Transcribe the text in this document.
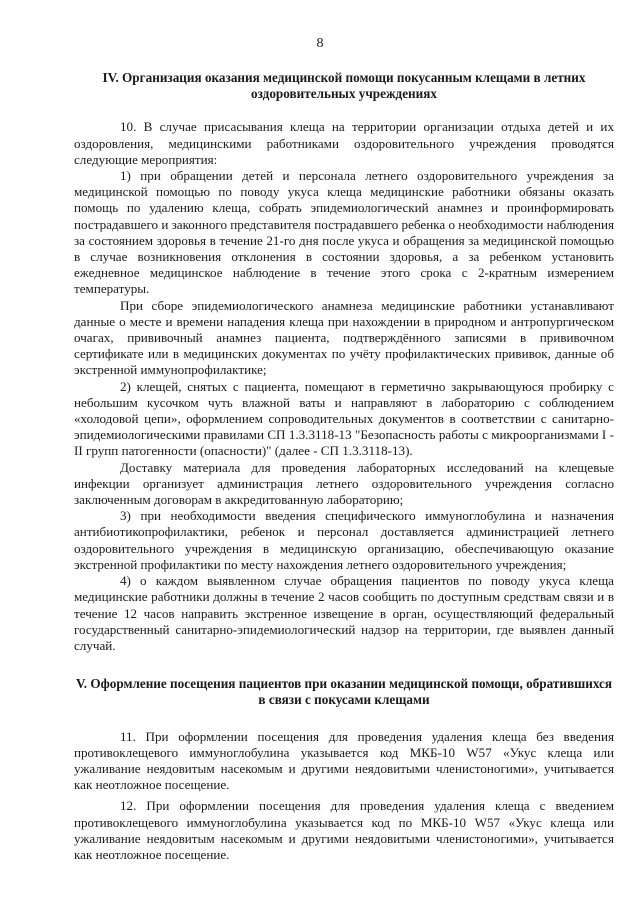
8
IV. Организация оказания медицинской помощи покусанным клещами в летних оздоровительных учреждениях

10. В случае присасывания клеща на территории организации отдыха детей и их оздоровления, медицинскими работниками оздоровительного учреждения проводятся следующие мероприятия:

1) при обращении детей и персонала летнего оздоровительного учреждения за медицинской помощью по поводу укуса клеща медицинские работники обязаны оказать помощь по удалению клеща, собрать эпидемиологический анамнез и проинформировать пострадавшего и законного представителя пострадавшего ребенка о необходимости наблюдения за состоянием здоровья в течение 21-го дня после укуса и обращения за медицинской помощью в случае возникновения отклонения в состоянии здоровья, а за ребенком установить ежедневное медицинское наблюдение в течение этого срока с 2-кратным измерением температуры.

При сборе эпидемиологического анамнеза медицинские работники устанавливают данные о месте и времени нападения клеща при нахождении в природном и антропургическом очагах, прививочный анамнез пациента, подтверждённого записями в прививочном сертификате или в медицинских документах по учёту профилактических прививок, данные об экстренной иммунопрофилактике;

2) клещей, снятых с пациента, помещают в герметично закрывающуюся пробирку с небольшим кусочком чуть влажной ваты и направляют в лабораторию с соблюдением «холодовой цепи», оформлением сопроводительных документов в соответствии с санитарно-эпидемиологическими правилами СП 1.3.3118-13 "Безопасность работы с микроорганизмами I - II групп патогенности (опасности)" (далее - СП 1.3.3118-13).

Доставку материала для проведения лабораторных исследований на клещевые инфекции организует администрация летнего оздоровительного учреждения согласно заключенным договорам в аккредитованную лабораторию;

3) при необходимости введения специфического иммуноглобулина и назначения антибиотикопрофилактики, ребенок и персонал доставляется администрацией летнего оздоровительного учреждения в медицинскую организацию, обеспечивающую оказание экстренной профилактики по месту нахождения летнего оздоровительного учреждения;

4) о каждом выявленном случае обращения пациентов по поводу укуса клеща медицинские работники должны в течение 2 часов сообщить по доступным средствам связи и в течение 12 часов направить экстренное извещение в орган, осуществляющий федеральный государственный санитарно-эпидемиологический надзор на территории, где выявлен данный случай.

V. Оформление посещения пациентов при оказании медицинской помощи, обратившихся в связи с покусами клещами

11. При оформлении посещения для проведения удаления клеща без введения противоклещевого иммуноглобулина указывается код МКБ-10 W57 «Укус клеща или ужаливание неядовитым насекомым и другими неядовитыми членистоногими», учитывается как неотложное посещение.

12. При оформлении посещения для проведения удаления клеща с введением противоклещевого иммуноглобулина указывается код по МКБ-10 W57 «Укус клеща или ужаливание неядовитым насекомым и другими неядовитыми членистоногими», учитывается как неотложное посещение.
